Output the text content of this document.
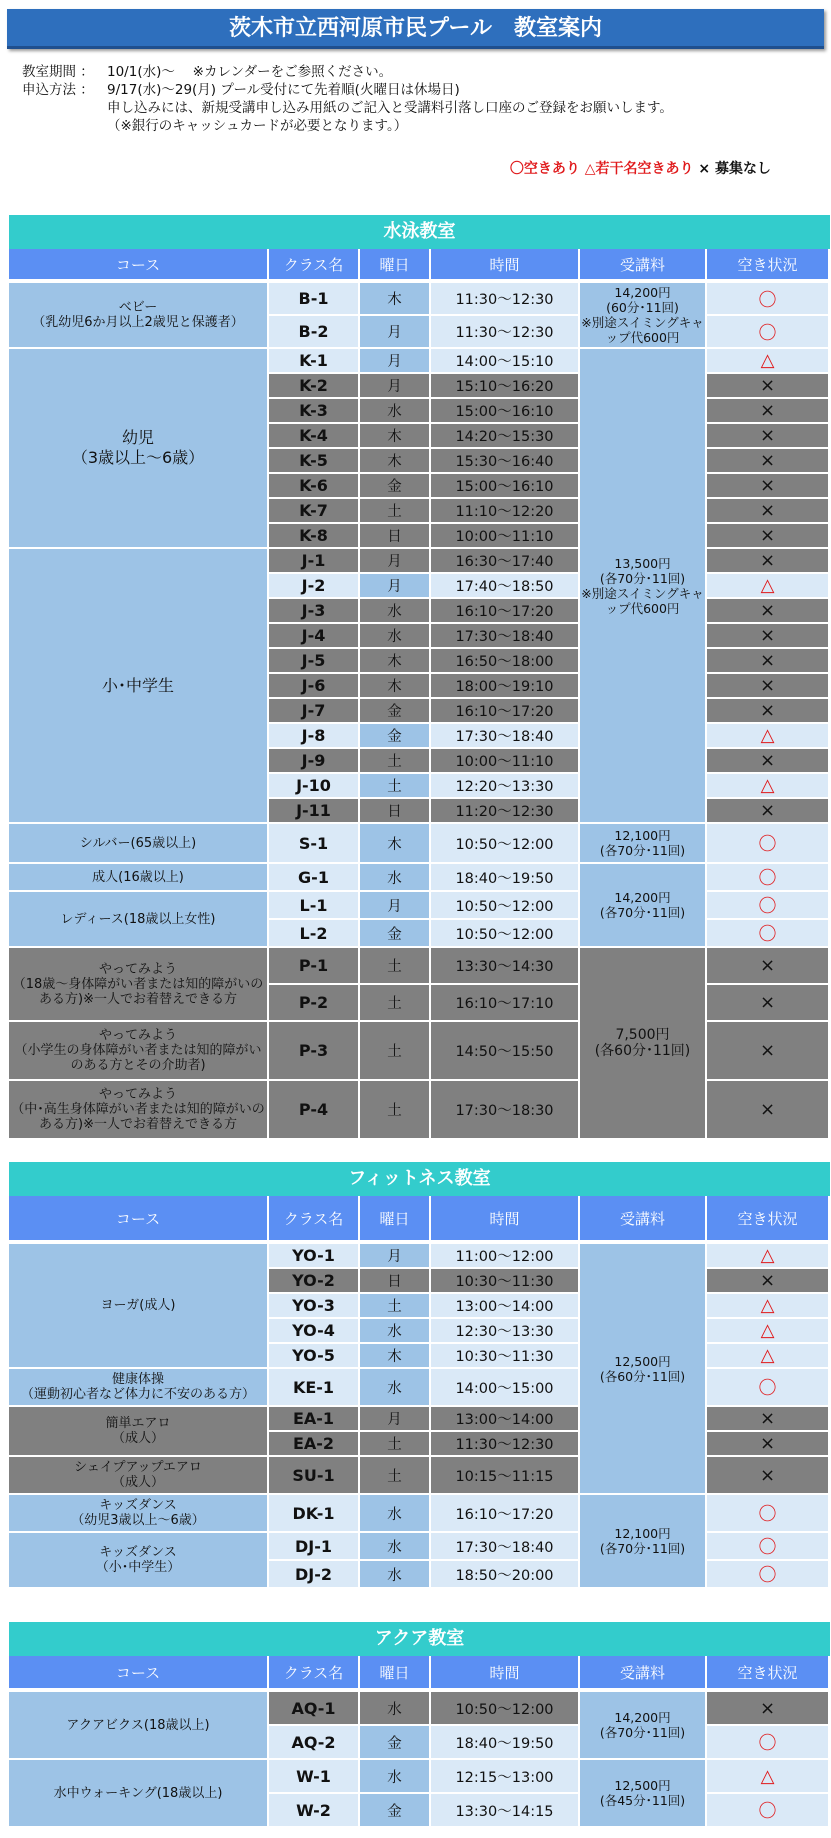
茨木市立西河原市民プール　教室案内
教室期間 ： 10/1(水)～　 ※カレンダーをご参照ください。
申込方法 ： 9/17(水)～29(月) プール受付にて先着順(火曜日は休場日)
申し込みには、新規受講申し込み用紙のご記入と受講料引落し口座のご登録をお願いします。
（※銀行のキャッシュカードが必要となります。）
〇空きあり △若干名空きあり × 募集なし
水泳教室
コース	クラス名	曜日	時間	受講料	空き状況
ベビー
（乳幼児6か月以上2歳児と保護者）	B-1	木	11:30～12:30	14,200円
(60分･11回)
※別途スイミングキャップ代600円	〇
	B-2	月	11:30～12:30		〇
幼児
（3歳以上～6歳）	K-1	月	14:00～15:10	13,500円
(各70分･11回)
※別途スイミングキャップ代600円	△
	K-2	月	15:10～16:20		×
	K-3	水	15:00～16:10		×
	K-4	木	14:20～15:30		×
	K-5	木	15:30～16:40		×
	K-6	金	15:00～16:10		×
	K-7	土	11:10～12:20		×
	K-8	日	10:00～11:10		×
小･中学生	J-1	月	16:30～17:40		×
	J-2	月	17:40～18:50		△
	J-3	水	16:10～17:20		×
	J-4	水	17:30～18:40		×
	J-5	木	16:50～18:00		×
	J-6	木	18:00～19:10		×
	J-7	金	16:10～17:20		×
	J-8	金	17:30～18:40		△
	J-9	土	10:00～11:10		×
	J-10	土	12:20～13:30		△
	J-11	日	11:20～12:30		×
シルバー(65歳以上)	S-1	木	10:50～12:00	12,100円
(各70分･11回)	〇
成人(16歳以上)	G-1	水	18:40～19:50	14,200円
(各70分･11回)	〇
レディース(18歳以上女性)	L-1	月	10:50～12:00		〇
	L-2	金	10:50～12:00		〇
やってみよう
（18歳～身体障がい者または知的障がいのある方)※一人でお着替えできる方	P-1	土	13:30～14:30	7,500円
(各60分･11回)	×
	P-2	土	16:10～17:10		×
やってみよう
（小学生の身体障がい者または知的障がいのある方とその介助者)	P-3	土	14:50～15:50		×
やってみよう
（中･高生身体障がい者または知的障がいのある方)※一人でお着替えできる方	P-4	土	17:30～18:30		×
フィットネス教室
コース	クラス名	曜日	時間	受講料	空き状況
ヨーガ(成人)	YO-1	月	11:00～12:00	12,500円
(各60分･11回)	△
	YO-2	日	10:30～11:30		×
	YO-3	土	13:00～14:00		△
	YO-4	水	12:30～13:30		△
	YO-5	木	10:30～11:30		△
健康体操
（運動初心者など体力に不安のある方）	KE-1	水	14:00～15:00		〇
簡単エアロ
（成人）	EA-1	月	13:00～14:00		×
	EA-2	土	11:30～12:30		×
シェイプアップエアロ
（成人）	SU-1	土	10:15～11:15		×
キッズダンス
（幼児3歳以上～6歳）	DK-1	水	16:10～17:20	12,100円
(各70分･11回)	〇
キッズダンス
（小･中学生）	DJ-1	水	17:30～18:40		〇
	DJ-2	水	18:50～20:00		〇
アクア教室
コース	クラス名	曜日	時間	受講料	空き状況
アクアビクス(18歳以上)	AQ-1	水	10:50～12:00	14,200円
(各70分･11回)	×
	AQ-2	金	18:40～19:50		〇
水中ウォーキング(18歳以上)	W-1	水	12:15～13:00	12,500円
(各45分･11回)	△
	W-2	金	13:30～14:15		〇
